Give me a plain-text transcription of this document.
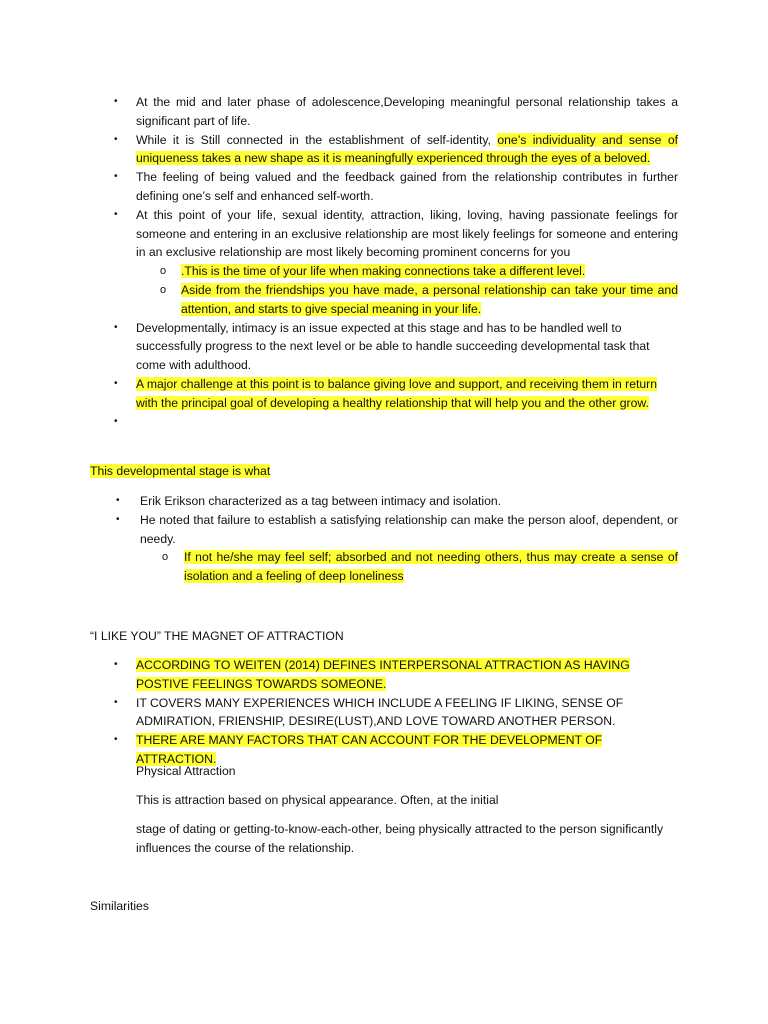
• At the mid and later phase of adolescence,Developing meaningful personal relationship takes a significant part of life.
• While it is Still connected in the establishment of self-identity, one’s individuality and sense of uniqueness takes a new shape as it is meaningfully experienced through the eyes of a beloved.
• The feeling of being valued and the feedback gained from the relationship contributes in further defining one’s self and enhanced self-worth.
• At this point of your life, sexual identity, attraction, liking, loving, having passionate feelings for someone and entering in an exclusive relationship are most likely feelings for someone and entering in an exclusive relationship are most likely becoming prominent concerns for you
o .This is the time of your life when making connections take a different level.
o Aside from the friendships you have made, a personal relationship can take your time and attention, and starts to give special meaning in your life.
• Developmentally, intimacy is an issue expected at this stage and has to be handled well to successfully progress to the next level or be able to handle succeeding developmental task that come with adulthood.
• A major challenge at this point is to balance giving love and support, and receiving them in return with the principal goal of developing a healthy relationship that will help you and the other grow.
•

This developmental stage is what

• Erik Erikson characterized as a tag between intimacy and isolation.
• He noted that failure to establish a satisfying relationship can make the person aloof, dependent, or needy.
o If not he/she may feel self; absorbed and not needing others, thus may create a sense of isolation and a feeling of deep loneliness

“I LIKE YOU” THE MAGNET OF ATTRACTION

• ACCORDING TO WEITEN (2014) DEFINES INTERPERSONAL ATTRACTION AS HAVING POSTIVE FEELINGS TOWARDS SOMEONE.
• IT COVERS MANY EXPERIENCES WHICH INCLUDE A FEELING IF LIKING, SENSE OF ADMIRATION, FRIENSHIP, DESIRE(LUST),AND LOVE TOWARD ANOTHER PERSON.
• THERE ARE MANY FACTORS THAT CAN ACCOUNT FOR THE DEVELOPMENT OF ATTRACTION.

Physical Attraction

This is attraction based on physical appearance. Often, at the initial

stage of dating or getting-to-know-each-other, being physically attracted to the person significantly influences the course of the relationship.

Similarities
